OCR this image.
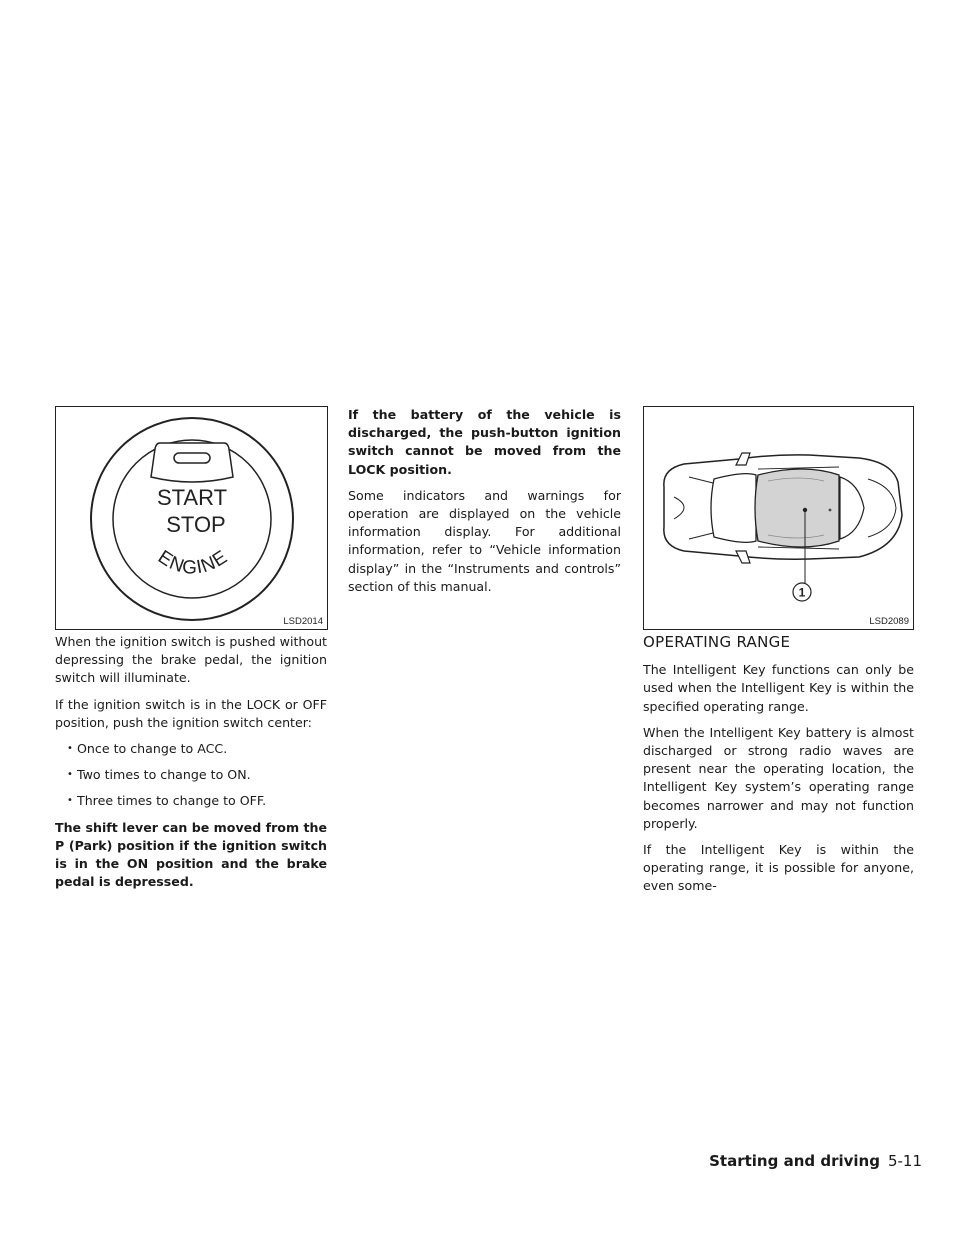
START
STOP
ENGINE
LSD2014
1
LSD2089

When the ignition switch is pushed without depressing the brake pedal, the ignition switch will illuminate.

If the ignition switch is in the LOCK or OFF position, push the ignition switch center:

• Once to change to ACC.
• Two times to change to ON.
• Three times to change to OFF.

The shift lever can be moved from the P (Park) position if the ignition switch is in the ON position and the brake pedal is depressed.

If the battery of the vehicle is discharged, the push-button ignition switch cannot be moved from the LOCK position.

Some indicators and warnings for operation are displayed on the vehicle information display. For additional information, refer to “Vehicle information display” in the “Instruments and controls” section of this manual.

OPERATING RANGE

The Intelligent Key functions can only be used when the Intelligent Key is within the specified operating range.

When the Intelligent Key battery is almost discharged or strong radio waves are present near the operating location, the Intelligent Key system’s operating range becomes narrower and may not function properly.

If the Intelligent Key is within the operating range, it is possible for anyone, even some-

Starting and driving 5-11
